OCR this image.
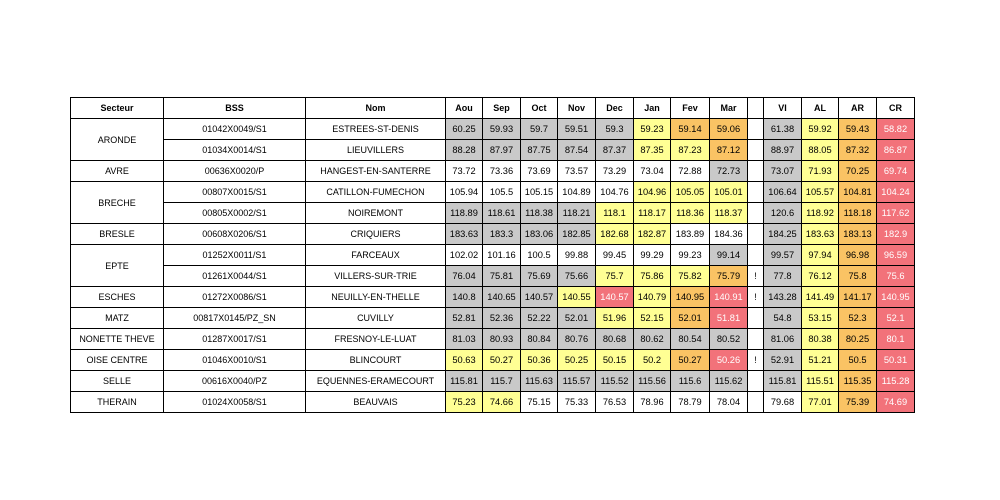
Secteur	BSS	Nom	Aou	Sep	Oct	Nov	Dec	Jan	Fev	Mar		VI	AL	AR	CR
ARONDE	01042X0049/S1	ESTREES-ST-DENIS	60.25	59.93	59.7	59.51	59.3	59.23	59.14	59.06		61.38	59.92	59.43	58.82
	01034X0014/S1	LIEUVILLERS	88.28	87.97	87.75	87.54	87.37	87.35	87.23	87.12		88.97	88.05	87.32	86.87
AVRE	00636X0020/P	HANGEST-EN-SANTERRE	73.72	73.36	73.69	73.57	73.29	73.04	72.88	72.73		73.07	71.93	70.25	69.74
BRECHE	00807X0015/S1	CATILLON-FUMECHON	105.94	105.5	105.15	104.89	104.76	104.96	105.05	105.01		106.64	105.57	104.81	104.24
	00805X0002/S1	NOIREMONT	118.89	118.61	118.38	118.21	118.1	118.17	118.36	118.37		120.6	118.92	118.18	117.62
BRESLE	00608X0206/S1	CRIQUIERS	183.63	183.3	183.06	182.85	182.68	182.87	183.89	184.36		184.25	183.63	183.13	182.9
EPTE	01252X0011/S1	FARCEAUX	102.02	101.16	100.5	99.88	99.45	99.29	99.23	99.14		99.57	97.94	96.98	96.59
	01261X0044/S1	VILLERS-SUR-TRIE	76.04	75.81	75.69	75.66	75.7	75.86	75.82	75.79	!	77.8	76.12	75.8	75.6
ESCHES	01272X0086/S1	NEUILLY-EN-THELLE	140.8	140.65	140.57	140.55	140.57	140.79	140.95	140.91	!	143.28	141.49	141.17	140.95
MATZ	00817X0145/PZ_SN	CUVILLY	52.81	52.36	52.22	52.01	51.96	52.15	52.01	51.81		54.8	53.15	52.3	52.1
NONETTE THEVE	01287X0017/S1	FRESNOY-LE-LUAT	81.03	80.93	80.84	80.76	80.68	80.62	80.54	80.52		81.06	80.38	80.25	80.1
OISE CENTRE	01046X0010/S1	BLINCOURT	50.63	50.27	50.36	50.25	50.15	50.2	50.27	50.26	!	52.91	51.21	50.5	50.31
SELLE	00616X0040/PZ	EQUENNES-ERAMECOURT	115.81	115.7	115.63	115.57	115.52	115.56	115.6	115.62		115.81	115.51	115.35	115.28
THERAIN	01024X0058/S1	BEAUVAIS	75.23	74.66	75.15	75.33	76.53	78.96	78.79	78.04		79.68	77.01	75.39	74.69
